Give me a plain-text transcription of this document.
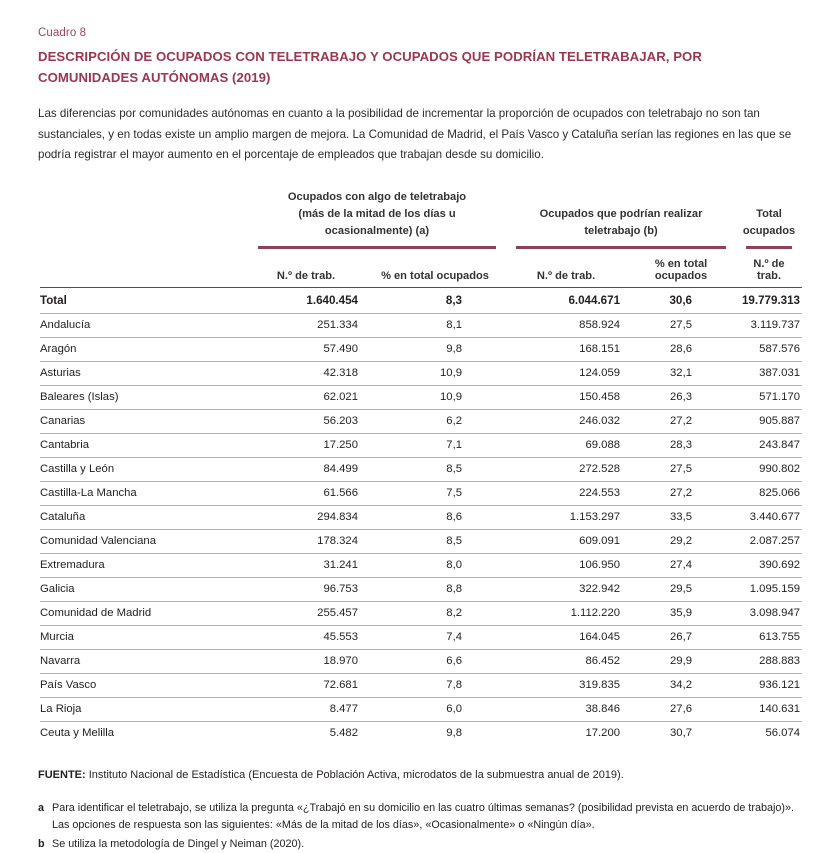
Cuadro 8
DESCRIPCIÓN DE OCUPADOS CON TELETRABAJO Y OCUPADOS QUE PODRÍAN TELETRABAJAR, POR COMUNIDADES AUTÓNOMAS (2019)

Las diferencias por comunidades autónomas en cuanto a la posibilidad de incrementar la proporción de ocupados con teletrabajo no son tan sustanciales, y en todas existe un amplio margen de mejora. La Comunidad de Madrid, el País Vasco y Cataluña serían las regiones en las que se podría registrar el mayor aumento en el porcentaje de empleados que trabajan desde su domicilio.

	Ocupados con algo de teletrabajo
(más de la mitad de los días u ocasionalmente) (a)		Ocupados que podrían realizar
teletrabajo (b)		Total ocupados

	N.º de trab.	% en total ocupados	N.º de trab.	% en total ocupados	N.º de trab.
Total	1.640.454	8,3	6.044.671	30,6	19.779.313
Andalucía	251.334	8,1	858.924	27,5	3.119.737
Aragón	57.490	9,8	168.151	28,6	587.576
Asturias	42.318	10,9	124.059	32,1	387.031
Baleares (Islas)	62.021	10,9	150.458	26,3	571.170
Canarias	56.203	6,2	246.032	27,2	905.887
Cantabria	17.250	7,1	69.088	28,3	243.847
Castilla y León	84.499	8,5	272.528	27,5	990.802
Castilla-La Mancha	61.566	7,5	224.553	27,2	825.066
Cataluña	294.834	8,6	1.153.297	33,5	3.440.677
Comunidad Valenciana	178.324	8,5	609.091	29,2	2.087.257
Extremadura	31.241	8,0	106.950	27,4	390.692
Galicia	96.753	8,8	322.942	29,5	1.095.159
Comunidad de Madrid	255.457	8,2	1.112.220	35,9	3.098.947
Murcia	45.553	7,4	164.045	26,7	613.755
Navarra	18.970	6,6	86.452	29,9	288.883
País Vasco	72.681	7,8	319.835	34,2	936.121
La Rioja	8.477	6,0	38.846	27,6	140.631
Ceuta y Melilla	5.482	9,8	17.200	30,7	56.074

FUENTE: Instituto Nacional de Estadística (Encuesta de Población Activa, microdatos de la submuestra anual de 2019).

a Para identificar el teletrabajo, se utiliza la pregunta «¿Trabajó en su domicilio en las cuatro últimas semanas? (posibilidad prevista en acuerdo de trabajo)». Las opciones de respuesta son las siguientes: «Más de la mitad de los días», «Ocasionalmente» o «Ningún día».
b Se utiliza la metodología de Dingel y Neiman (2020).
